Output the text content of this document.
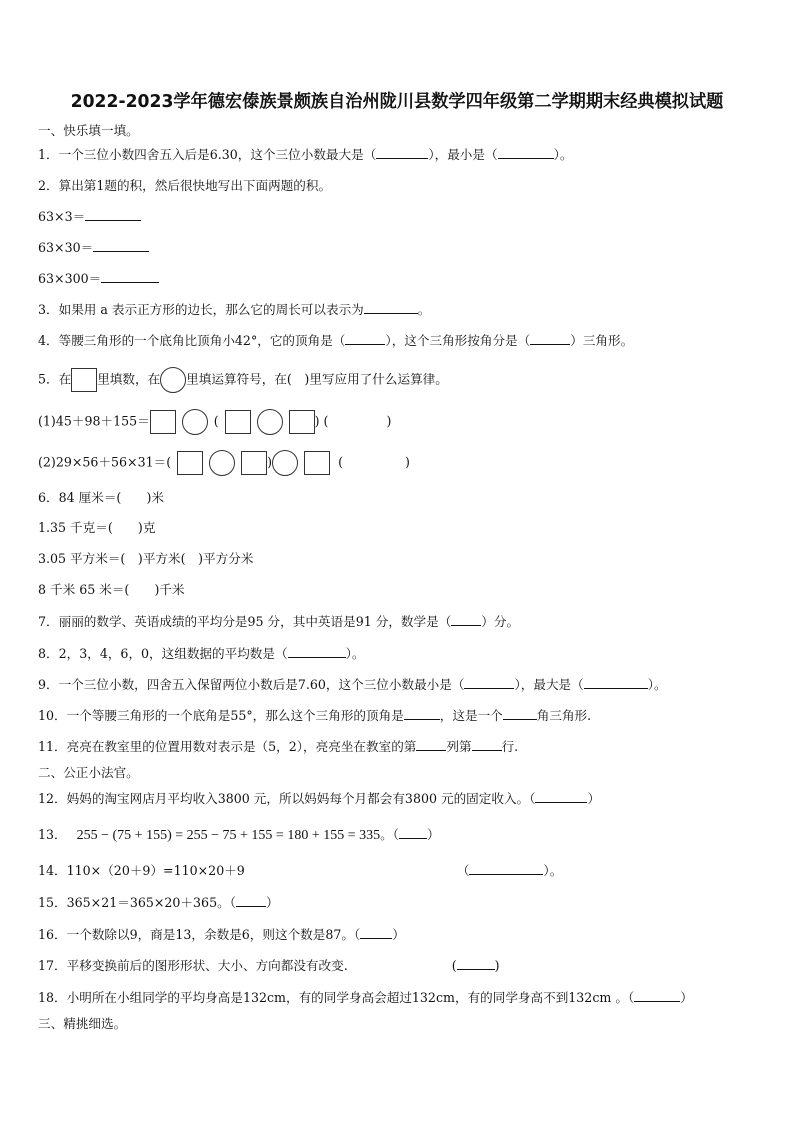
2022-2023学年德宏傣族景颇族自治州陇川县数学四年级第二学期期末经典模拟试题
一、快乐填一填。
1．一个三位小数四舍五入后是6.30，这个三位小数最大是（	），最小是（	）。
2．算出第1题的积，然后很快地写出下面两题的积。
63×3＝
63×30＝
63×300＝
3．如果用 a 表示正方形的边长，那么它的周长可以表示为	。
4．等腰三角形的一个底角比顶角小42°，它的顶角是（	），这个三角形按角分是（	）三角形。
5．在 里填数，在 里填运算符号，在(　)里写应用了什么运算律。
(1)45＋98＋155＝	(	) (	)
(2)29×56＋56×31＝(	)	(	)
6．84 厘米＝(　　)米
1.35 千克＝(　　)克
3.05 平方米＝(　)平方米(　)平方分米
8 千米 65 米＝(　　)千米
7．丽丽的数学、英语成绩的平均分是95 分，其中英语是91 分，数学是（ ）分。
8．2，3，4，6，0，这组数据的平均数是（	）。
9．一个三位小数，四舍五入保留两位小数后是7.60，这个三位小数最小是（	），最大是（	）。
10．一个等腰三角形的一个底角是55°，那么这个三角形的顶角是	，这是一个	角三角形.
11．亮亮在教室里的位置用数对表示是（5，2），亮亮坐在教室的第 列第 行.
二、公正小法官。
12．妈妈的淘宝网店月平均收入3800 元，所以妈妈每个月都会有3800 元的固定收入。（	）
13． 255 − (75 + 155) = 255 − 75 + 155 = 180 + 155 = 335。（ ）
14．110×（20＋9）=110×20＋9	（	）。
15．365×21＝365×20＋365。（ ）
16．一个数除以9，商是13，余数是6，则这个数是87。（	）
17．平移变换前后的图形形状、大小、方向都没有改变.	(	)
18．小明所在小组同学的平均身高是132cm，有的同学身高会超过132cm，有的同学身高不到132cm 。（	）
三、精挑细选。
